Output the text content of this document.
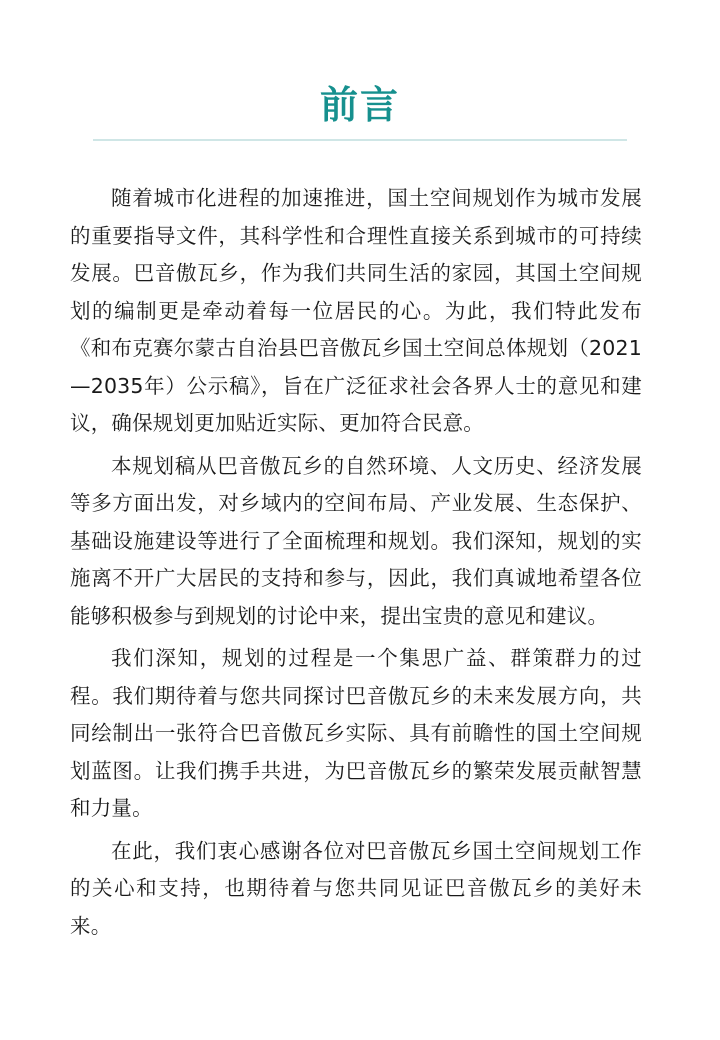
前言

随着城市化进程的加速推进，国土空间规划作为城市发展的重要指导文件，其科学性和合理性直接关系到城市的可持续发展。巴音傲瓦乡，作为我们共同生活的家园，其国土空间规划的编制更是牵动着每一位居民的心。为此，我们特此发布《和布克赛尔蒙古自治县巴音傲瓦乡国土空间总体规划（2021—2035年）公示稿》，旨在广泛征求社会各界人士的意见和建议，确保规划更加贴近实际、更加符合民意。

本规划稿从巴音傲瓦乡的自然环境、人文历史、经济发展等多方面出发，对乡域内的空间布局、产业发展、生态保护、基础设施建设等进行了全面梳理和规划。我们深知，规划的实施离不开广大居民的支持和参与，因此，我们真诚地希望各位能够积极参与到规划的讨论中来，提出宝贵的意见和建议。

我们深知，规划的过程是一个集思广益、群策群力的过程。我们期待着与您共同探讨巴音傲瓦乡的未来发展方向，共同绘制出一张符合巴音傲瓦乡实际、具有前瞻性的国土空间规划蓝图。让我们携手共进，为巴音傲瓦乡的繁荣发展贡献智慧和力量。

在此，我们衷心感谢各位对巴音傲瓦乡国土空间规划工作的关心和支持，也期待着与您共同见证巴音傲瓦乡的美好未来。
